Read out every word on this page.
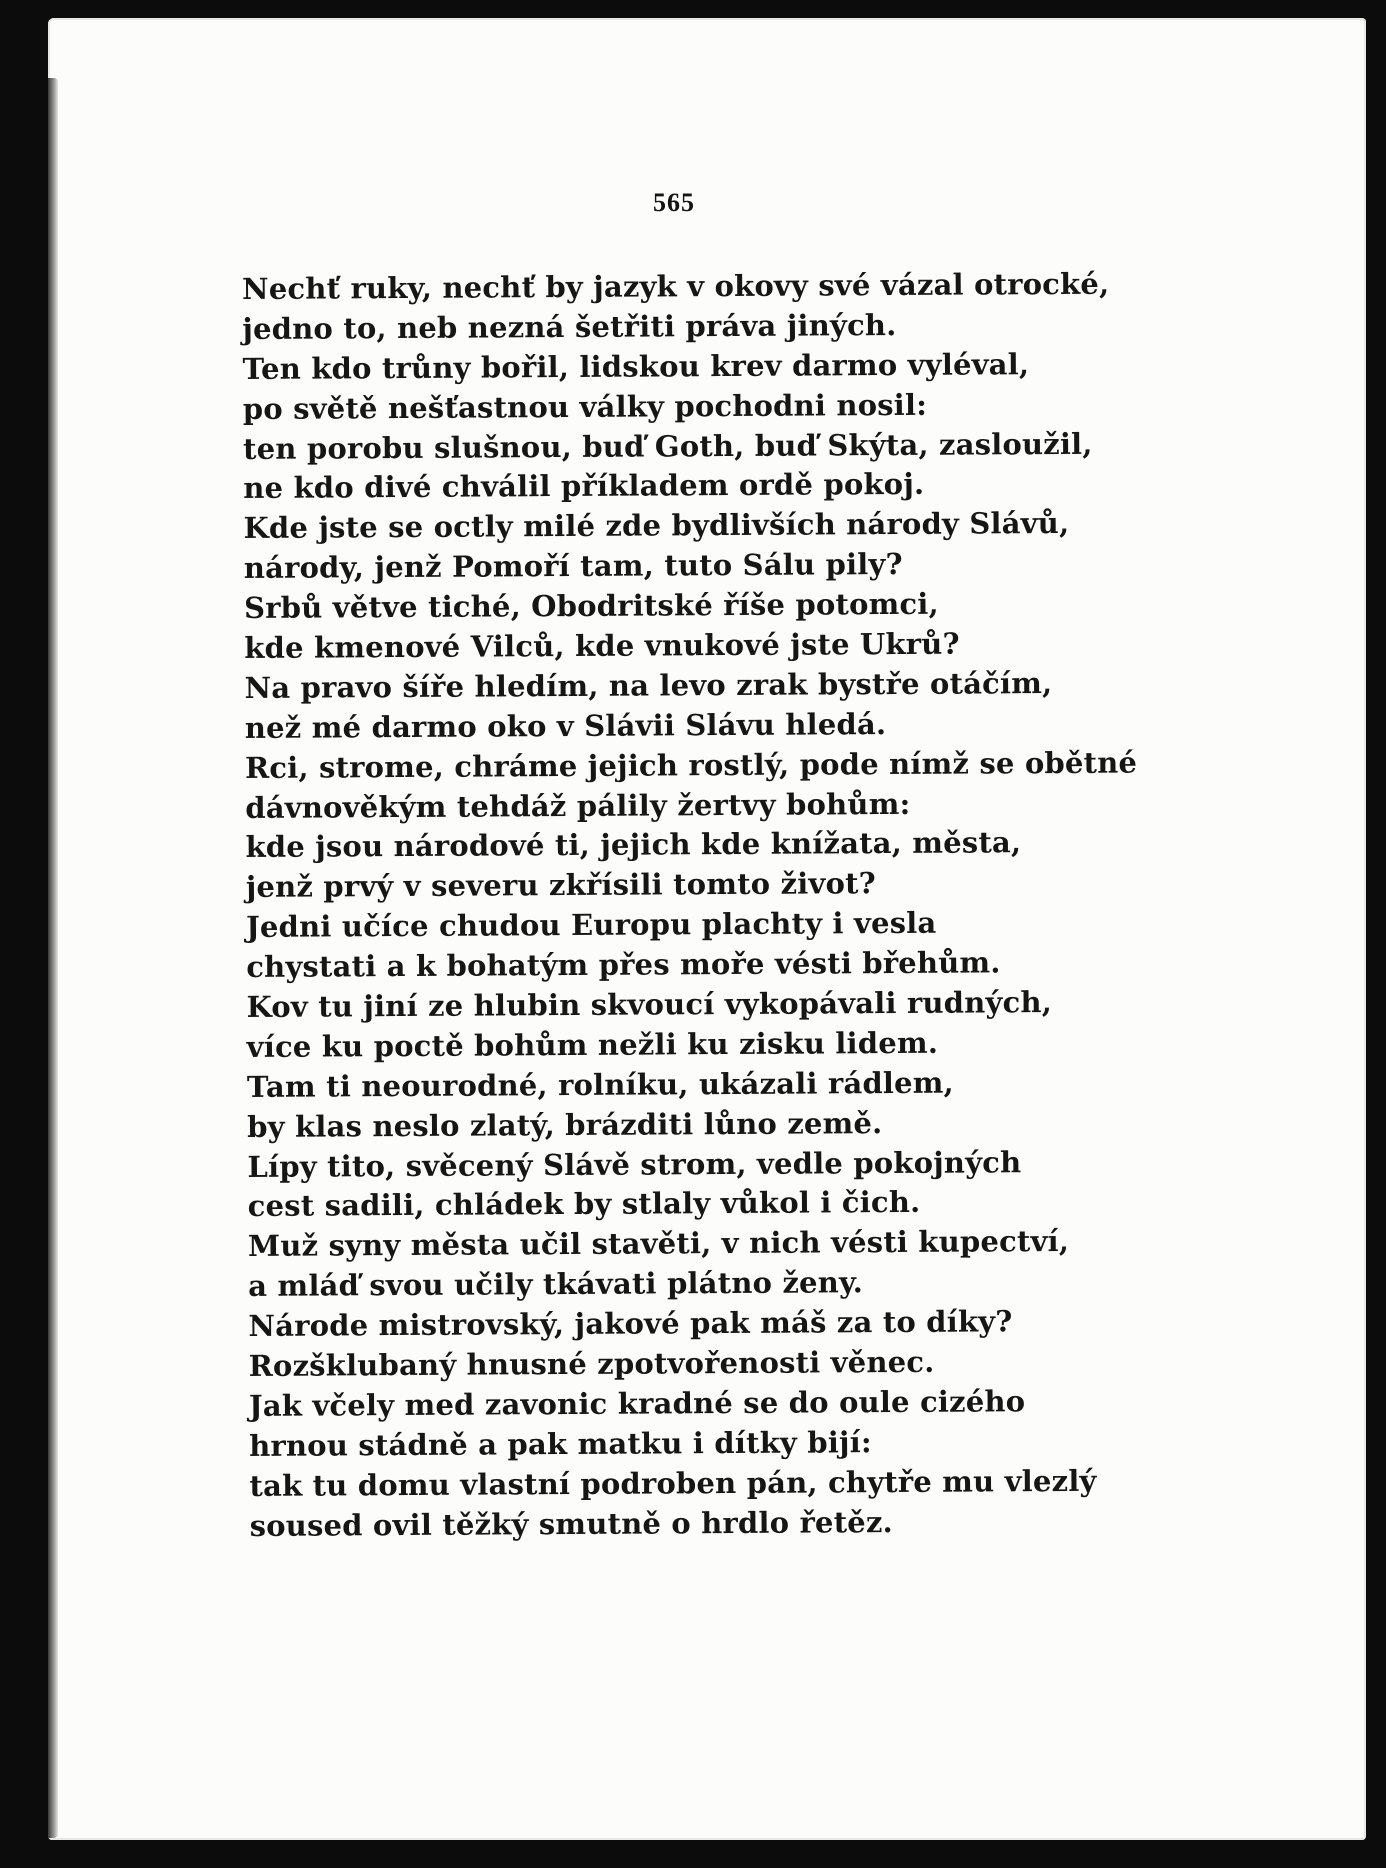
565
Nechť ruky, nechť by jazyk v okovy své vázal otrocké,
jedno to, neb nezná šetřiti práva jiných.
Ten kdo trůny bořil, lidskou krev darmo vyléval,
po světě nešťastnou války pochodni nosil:
ten porobu slušnou, buď Goth, buď Skýta, zasloužil,
ne kdo divé chválil příkladem ordě pokoj.
Kde jste se octly milé zde bydlivších národy Slávů,
národy, jenž Pomoří tam, tuto Sálu pily?
Srbů větve tiché, Obodritské říše potomci,
kde kmenové Vilců, kde vnukové jste Ukrů?
Na pravo šíře hledím, na levo zrak bystře otáčím,
než mé darmo oko v Slávii Slávu hledá.
Rci, strome, chráme jejich rostlý, pode nímž se obětné
dávnověkým tehdáž pálily žertvy bohům:
kde jsou národové ti, jejich kde knížata, města,
jenž prvý v severu zkřísili tomto život?
Jedni učíce chudou Europu plachty i vesla
chystati a k bohatým přes moře vésti břehům.
Kov tu jiní ze hlubin skvoucí vykopávali rudných,
více ku poctě bohům nežli ku zisku lidem.
Tam ti neourodné, rolníku, ukázali rádlem,
by klas neslo zlatý, brázditi lůno země.
Lípy tito, svěcený Slávě strom, vedle pokojných
cest sadili, chládek by stlaly vůkol i čich.
Muž syny města učil stavěti, v nich vésti kupectví,
a mláď svou učily tkávati plátno ženy.
Národe mistrovský, jakové pak máš za to díky?
Rozšklubaný hnusné zpotvořenosti věnec.
Jak včely med zavonic kradné se do oule cizého
hrnou stádně a pak matku i dítky bijí:
tak tu domu vlastní podroben pán, chytře mu vlezlý
soused ovil těžký smutně o hrdlo řetěz.
